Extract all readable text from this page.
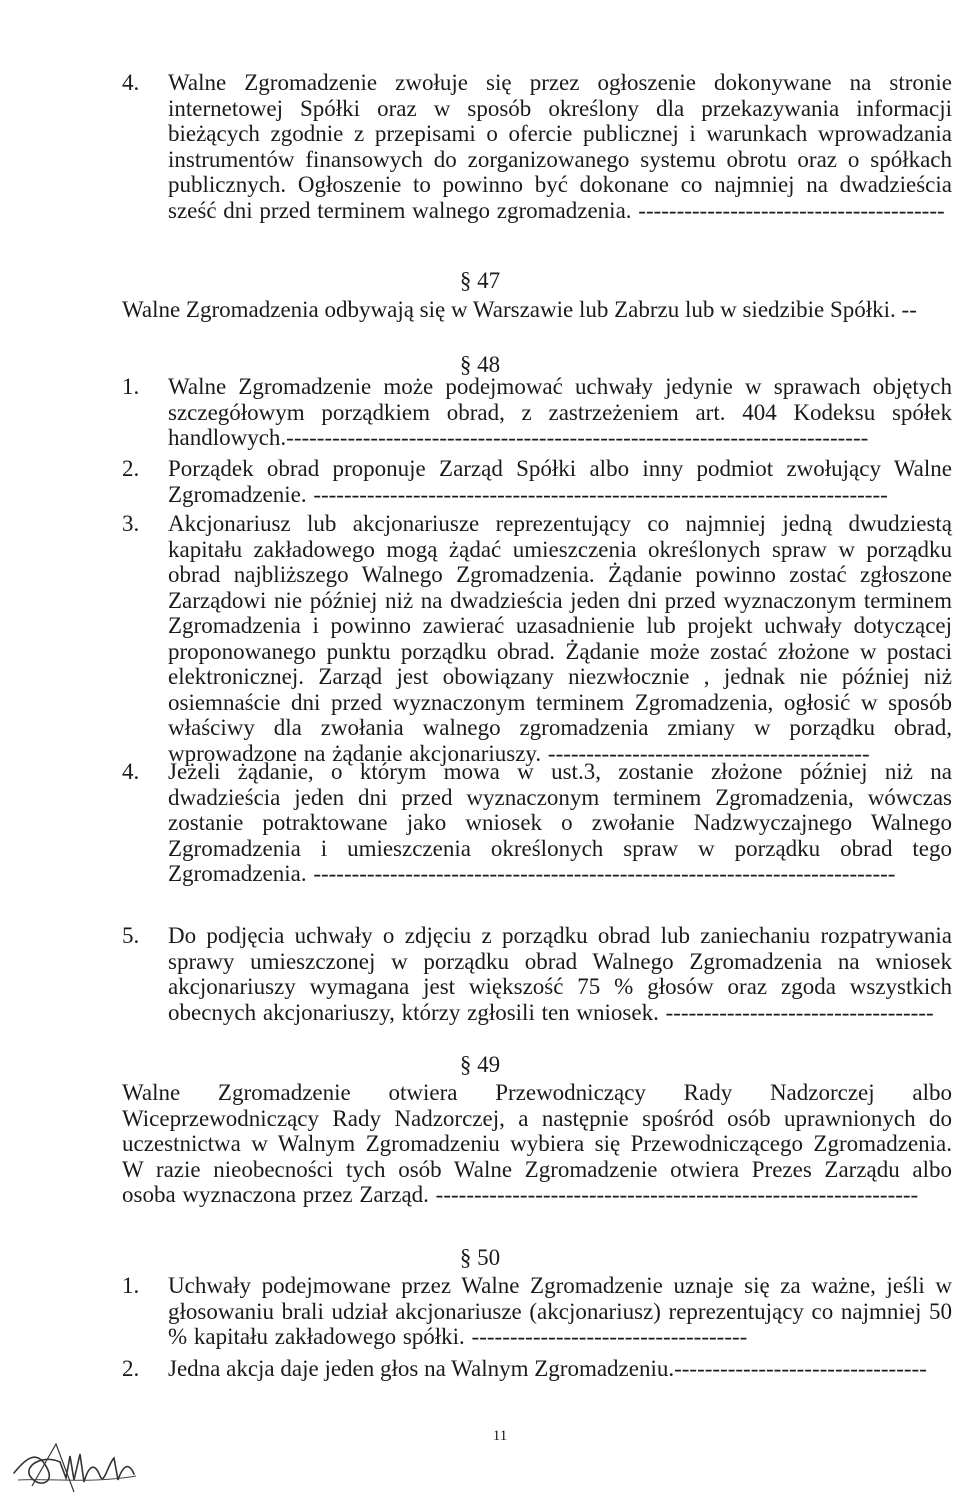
4. Walne Zgromadzenie zwołuje się przez ogłoszenie dokonywane na stronie internetowej Spółki oraz w sposób określony dla przekazywania informacji bieżących zgodnie z przepisami o ofercie publicznej i warunkach wprowadzania instrumentów finansowych do zorganizowanego systemu obrotu oraz o spółkach publicznych. Ogłoszenie to powinno być dokonane co najmniej na dwadzieścia sześć dni przed terminem walnego zgromadzenia. ----------------------------------------

§ 47
Walne Zgromadzenia odbywają się w Warszawie lub Zabrzu lub w siedzibie Spółki. --
§ 48
1. Walne Zgromadzenie może podejmować uchwały jedynie w sprawach objętych szczegółowym porządkiem obrad, z zastrzeżeniem art. 404 Kodeksu spółek handlowych.----------------------------------------------------------------------------

2. Porządek obrad proponuje Zarząd Spółki albo inny podmiot zwołujący Walne Zgromadzenie. ---------------------------------------------------------------------------

3. Akcjonariusz lub akcjonariusze reprezentujący co najmniej jedną dwudziestą kapitału zakładowego mogą żądać umieszczenia określonych spraw w porządku obrad najbliższego Walnego Zgromadzenia. Żądanie powinno zostać zgłoszone Zarządowi nie później niż na dwadzieścia jeden dni przed wyznaczonym terminem Zgromadzenia i powinno zawierać uzasadnienie lub projekt uchwały dotyczącej proponowanego punktu porządku obrad. Żądanie może zostać złożone w postaci elektronicznej. Zarząd jest obowiązany niezwłocznie , jednak nie później niż osiemnaście dni przed wyznaczonym terminem Zgromadzenia, ogłosić w sposób właściwy dla zwołania walnego zgromadzenia zmiany w porządku obrad, wprowadzone na żądanie akcjonariuszy. ------------------------------------------

4. Jeżeli żądanie, o którym mowa w ust.3, zostanie złożone później niż na dwadzieścia jeden dni przed wyznaczonym terminem Zgromadzenia, wówczas zostanie potraktowane jako wniosek o zwołanie Nadzwyczajnego Walnego Zgromadzenia i umieszczenia określonych spraw w porządku obrad tego Zgromadzenia. ----------------------------------------------------------------------------

5. Do podjęcia uchwały o zdjęciu z porządku obrad lub zaniechaniu rozpatrywania sprawy umieszczonej w porządku obrad Walnego Zgromadzenia na wniosek akcjonariuszy wymagana jest większość 75 % głosów oraz zgoda wszystkich obecnych akcjonariuszy, którzy zgłosili ten wniosek. -----------------------------------

§ 49

Walne Zgromadzenie otwiera Przewodniczący Rady Nadzorczej albo Wiceprzewodniczący Rady Nadzorczej, a następnie spośród osób uprawnionych do uczestnictwa w Walnym Zgromadzeniu wybiera się Przewodniczącego Zgromadzenia. W razie nieobecności tych osób Walne Zgromadzenie otwiera Prezes Zarządu albo osoba wyznaczona przez Zarząd. ---------------------------------------------------------------

§ 50
1. Uchwały podejmowane przez Walne Zgromadzenie uznaje się za ważne, jeśli w głosowaniu brali udział akcjonariusze (akcjonariusz) reprezentujący co najmniej 50 % kapitału zakładowego spółki. ------------------------------------

2. Jedna akcja daje jeden głos na Walnym Zgromadzeniu.---------------------------------
11
